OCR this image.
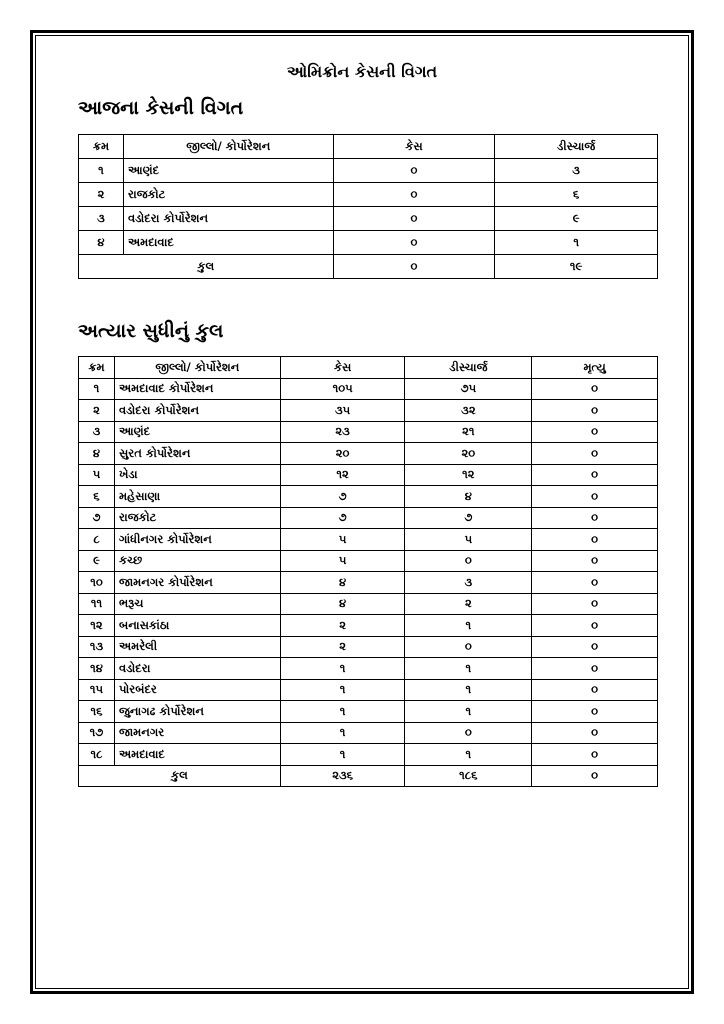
ઓમિક્રોન કેસની વિગત
આજના કેસની વિગત
ક્રમ	જીલ્લો/ કોર્પોરેશન	કેસ	ડીસ્ચાર્જ
૧	આણંદ	૦	૩
૨	રાજકોટ	૦	૬
૩	વડોદરા કોર્પોરેશન	૦	૯
૪	અમદાવાદ	૦	૧
કુલ		૦	૧૯
અત્યાર સુધીનું કુલ
ક્રમ	જીલ્લો/ કોર્પોરેશન	કેસ	ડીસ્ચાર્જ	મૃત્યુ
૧	અમદાવાદ કોર્પોરેશન	૧૦૫	૭૫	૦
૨	વડોદરા કોર્પોરેશન	૩૫	૩૨	૦
૩	આણંદ	૨૩	૨૧	૦
૪	સુરત કોર્પોરેશન	૨૦	૨૦	૦
૫	ખેડા	૧૨	૧૨	૦
૬	મહેસાણા	૭	૪	૦
૭	રાજકોટ	૭	૭	૦
૮	ગાંધીનગર કોર્પોરેશન	૫	૫	૦
૯	કચ્છ	૫	૦	૦
૧૦	જામનગર કોર્પોરેશન	૪	૩	૦
૧૧	ભરૂચ	૪	૨	૦
૧૨	બનાસકાંઠા	૨	૧	૦
૧૩	અમરેલી	૨	૦	૦
૧૪	વડોદરા	૧	૧	૦
૧૫	પોરબંદર	૧	૧	૦
૧૬	જુનાગઢ કોર્પોરેશન	૧	૧	૦
૧૭	જામનગર	૧	૦	૦
૧૮	અમદાવાદ	૧	૧	૦
કુલ		૨૩૬	૧૮૬	૦
